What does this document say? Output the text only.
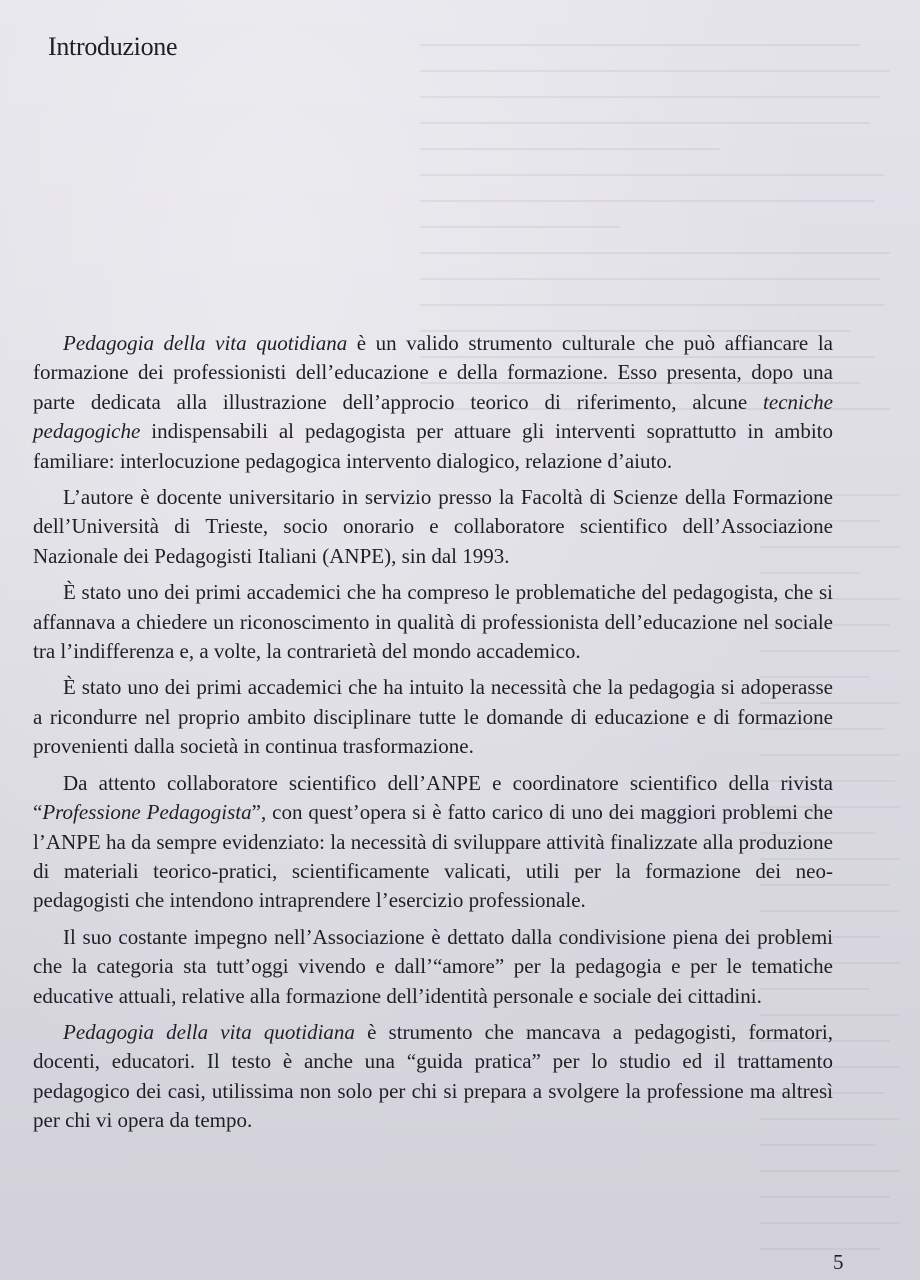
Introduzione

Pedagogia della vita quotidiana è un valido strumento culturale che può affiancare la formazione dei professionisti dell’educazione e della formazione. Esso presenta, dopo una parte dedicata alla illustrazione dell’approcio teorico di riferimento, alcune tecniche pedagogiche indispensabili al pedagogista per attuare gli interventi soprattutto in ambito familiare: interlocuzione pedagogica intervento dialogico, relazione d’aiuto.

L’autore è docente universitario in servizio presso la Facoltà di Scienze della Formazione dell’Università di Trieste, socio onorario e collaboratore scientifico dell’Associazione Nazionale dei Pedagogisti Italiani (ANPE), sin dal 1993.

È stato uno dei primi accademici che ha compreso le problematiche del pedagogista, che si affannava a chiedere un riconoscimento in qualità di professionista dell’educazione nel sociale tra l’indifferenza e, a volte, la contrarietà del mondo accademico.

È stato uno dei primi accademici che ha intuito la necessità che la pedagogia si adoperasse a ricondurre nel proprio ambito disciplinare tutte le domande di educazione e di formazione provenienti dalla società in continua trasformazione.

Da attento collaboratore scientifico dell’ANPE e coordinatore scientifico della rivista “Professione Pedagogista”, con quest’opera si è fatto carico di uno dei maggiori problemi che l’ANPE ha da sempre evidenziato: la necessità di sviluppare attività finalizzate alla produzione di materiali teorico-pratici, scientificamente valicati, utili per la formazione dei neo-pedagogisti che intendono intraprendere l’esercizio professionale.

Il suo costante impegno nell’Associazione è dettato dalla condivisione piena dei problemi che la categoria sta tutt’oggi vivendo e dall’“amore” per la pedagogia e per le tematiche educative attuali, relative alla formazione dell’identità personale e sociale dei cittadini.

Pedagogia della vita quotidiana è strumento che mancava a pedagogisti, formatori, docenti, educatori. Il testo è anche una “guida pratica” per lo studio ed il trattamento pedagogico dei casi, utilissima non solo per chi si prepara a svolgere la professione ma altresì per chi vi opera da tempo.

5
